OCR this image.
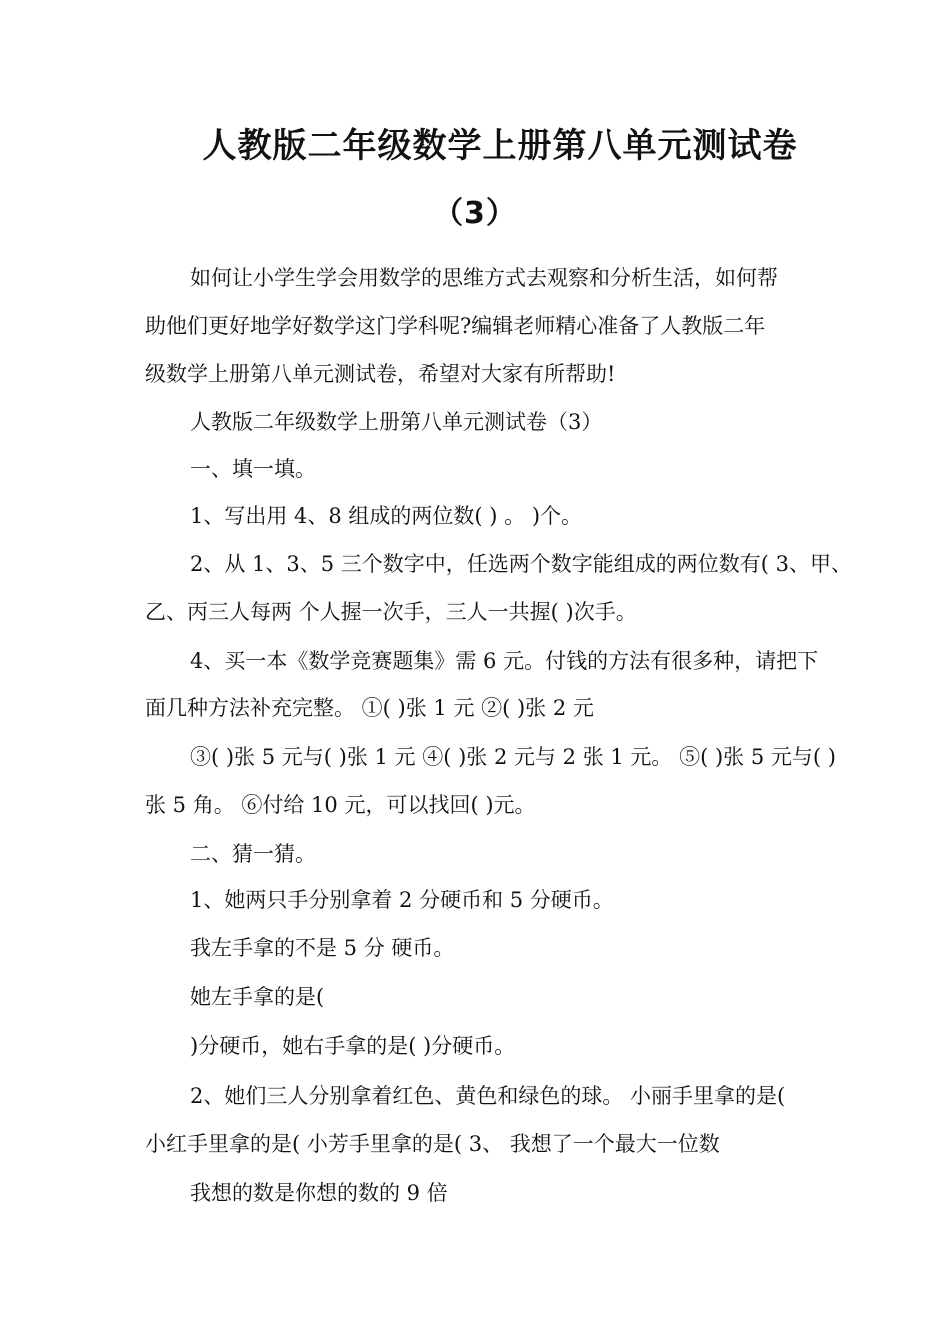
人教版二年级数学上册第八单元测试卷
（3）
如何让小学生学会用数学的思维方式去观察和分析生活，如何帮
助他们更好地学好数学这门学科呢?编辑老师精心准备了人教版二年
级数学上册第八单元测试卷，希望对大家有所帮助!
人教版二年级数学上册第八单元测试卷（3）
一、填一填。
1、写出用 4、8 组成的两位数( ) 。 )个。
2、从 1、3、5 三个数字中，任选两个数字能组成的两位数有( 3、甲、
乙、丙三人每两 个人握一次手，三人一共握( )次手。
4、买一本《数学竞赛题集》需 6 元。付钱的方法有很多种，请把下
面几种方法补充完整。 ①( )张 1 元 ②( )张 2 元
③( )张 5 元与( )张 1 元 ④( )张 2 元与 2 张 1 元。 ⑤( )张 5 元与( )
张 5 角。 ⑥付给 10 元，可以找回( )元。
二、猜一猜。
1、她两只手分别拿着 2 分硬币和 5 分硬币。
我左手拿的不是 5 分 硬币。
她左手拿的是(
)分硬币，她右手拿的是( )分硬币。
2、她们三人分别拿着红色、黄色和绿色的球。 小丽手里拿的是(
小红手里拿的是( 小芳手里拿的是( 3、 我想了一个最大一位数
我想的数是你想的数的 9 倍
